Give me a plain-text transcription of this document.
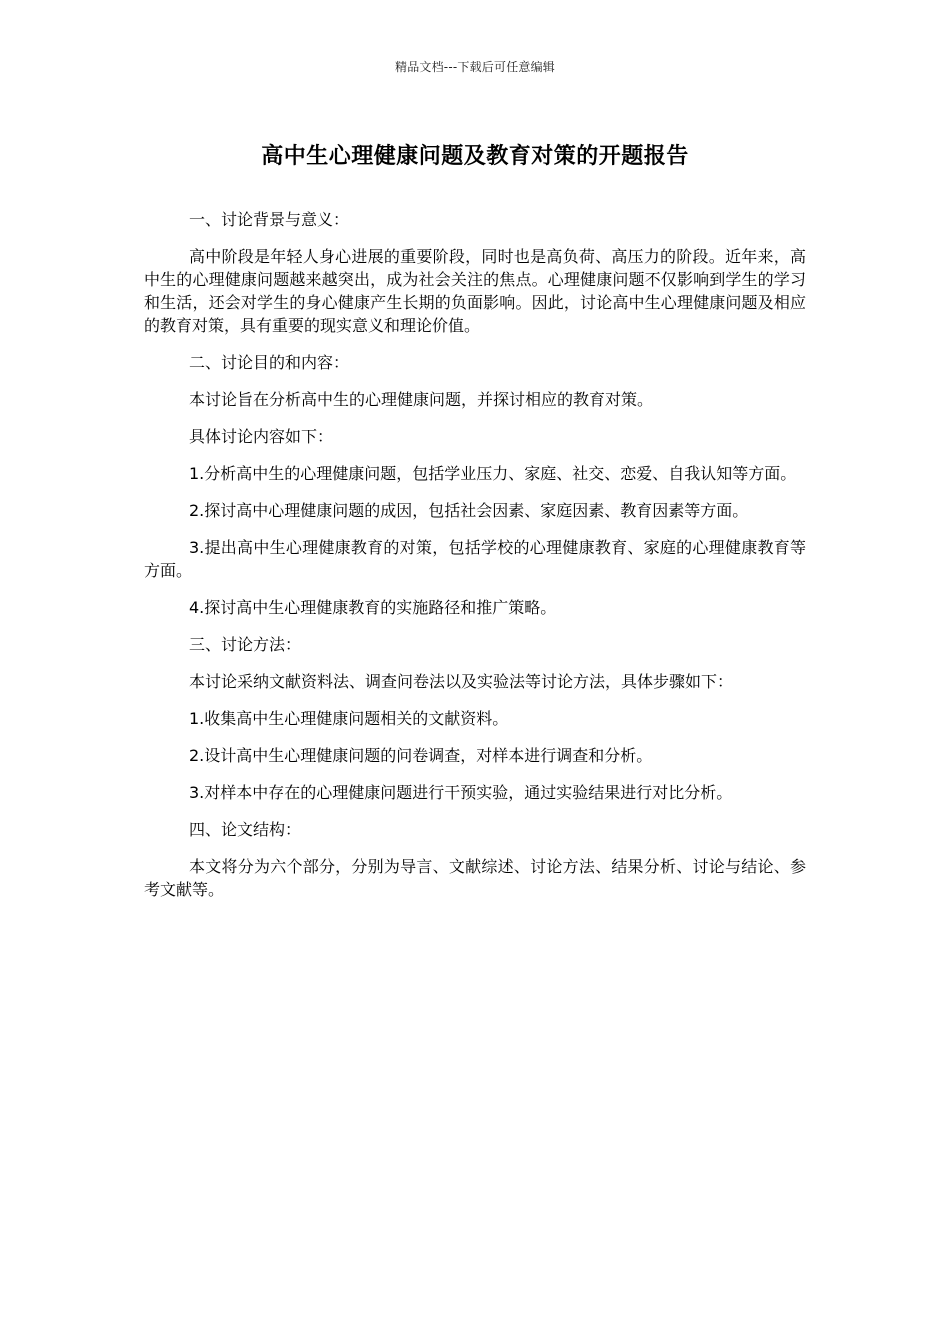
精品文档---下载后可任意编辑
高中生心理健康问题及教育对策的开题报告

一、讨论背景与意义：

高中阶段是年轻人身心进展的重要阶段，同时也是高负荷、高压力的阶段。近年来，高中生的心理健康问题越来越突出，成为社会关注的焦点。心理健康问题不仅影响到学生的学习和生活，还会对学生的身心健康产生长期的负面影响。因此，讨论高中生心理健康问题及相应的教育对策，具有重要的现实意义和理论价值。

二、讨论目的和内容：

本讨论旨在分析高中生的心理健康问题，并探讨相应的教育对策。

具体讨论内容如下：

1.分析高中生的心理健康问题，包括学业压力、家庭、社交、恋爱、自我认知等方面。

2.探讨高中心理健康问题的成因，包括社会因素、家庭因素、教育因素等方面。

3.提出高中生心理健康教育的对策，包括学校的心理健康教育、家庭的心理健康教育等方面。

4.探讨高中生心理健康教育的实施路径和推广策略。

三、讨论方法：

本讨论采纳文献资料法、调查问卷法以及实验法等讨论方法，具体步骤如下：

1.收集高中生心理健康问题相关的文献资料。

2.设计高中生心理健康问题的问卷调查，对样本进行调查和分析。

3.对样本中存在的心理健康问题进行干预实验，通过实验结果进行对比分析。

四、论文结构：

本文将分为六个部分，分别为导言、文献综述、讨论方法、结果分析、讨论与结论、参考文献等。
